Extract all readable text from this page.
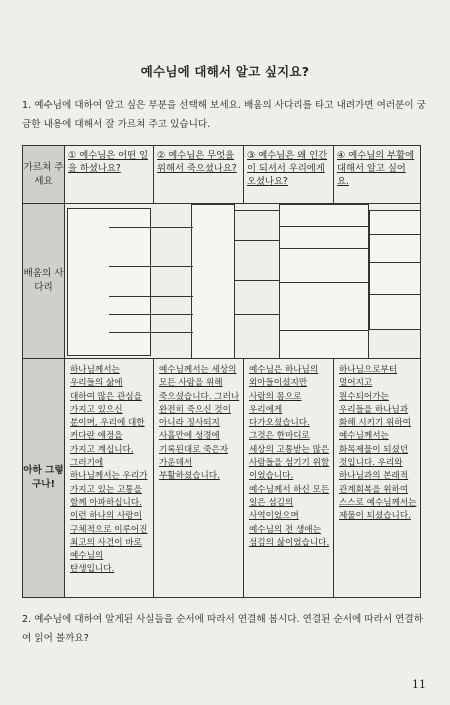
예수님에 대해서 알고 싶지요?
1. 예수님에 대하여 알고 싶은 부분을 선택해 보세요. 배움의 사다리를 타고 내려가면 여러분이 궁금한 내용에 대해서 잘 가르쳐 주고 있습니다.
가르쳐 주세요	① 예수님은 어떤 일을 하셨나요?	② 예수님은 무엇을 위해서 죽으셨나요?	③ 예수님은 왜 인간이 되셔서 우리에게 오셨나요?	④ 예수님의 부활에 대해서 알고 싶어요.
배움의 사다리				

아하 그렇구나!	하나님께서는 우리들의 삶에 대하여 많은 관심을 가지고 있으신 분이며, 우리에 대한 커다란 애정을 가지고 계십니다. 그러기에 하나님께서는 우리가 가지고 있는 고통을 함께 아파하십니다. 이런 하나의 사랑이 구체적으로 이루어진 최고의 사건이 바로 예수님의 탄생입니다.	예수님께서는 세상의 모든 사람을 위해 죽으셨습니다. 그러나 완전히 죽으신 것이 아니라 징사되지 사흘만에 성경에 기록된대로 죽은자 가운데서 부활하셨습니다.	예수님은 하나님의 외아들이셨지만 사람의 몸으로 우리에게 다가오셨습니다. 그것은 한마디로 세상의 고통받는 많은 사람들을 섬기기 위함 이었습니다. 예수님께서 하신 모든 일은 섬김의 사역이었으며 예수님의 전 생애는 섬김의 삶이었습니다.	하나님으로부터 멀어지고 원수되어가는 우리들을 하나님과 화해 시키기 위하여 예수님께서는 화목제물이 되셨던 것입니다. 우리와 하나님과의 본래적 관계회복을 위하여 스스로 예수님께서는 제물이 되셨습니다.
2. 예수님에 대하여 알게된 사실들을 순서에 따라서 연결해 봅시다. 연결된 순서에 따라서 연결하여 읽어 볼까요?
11
